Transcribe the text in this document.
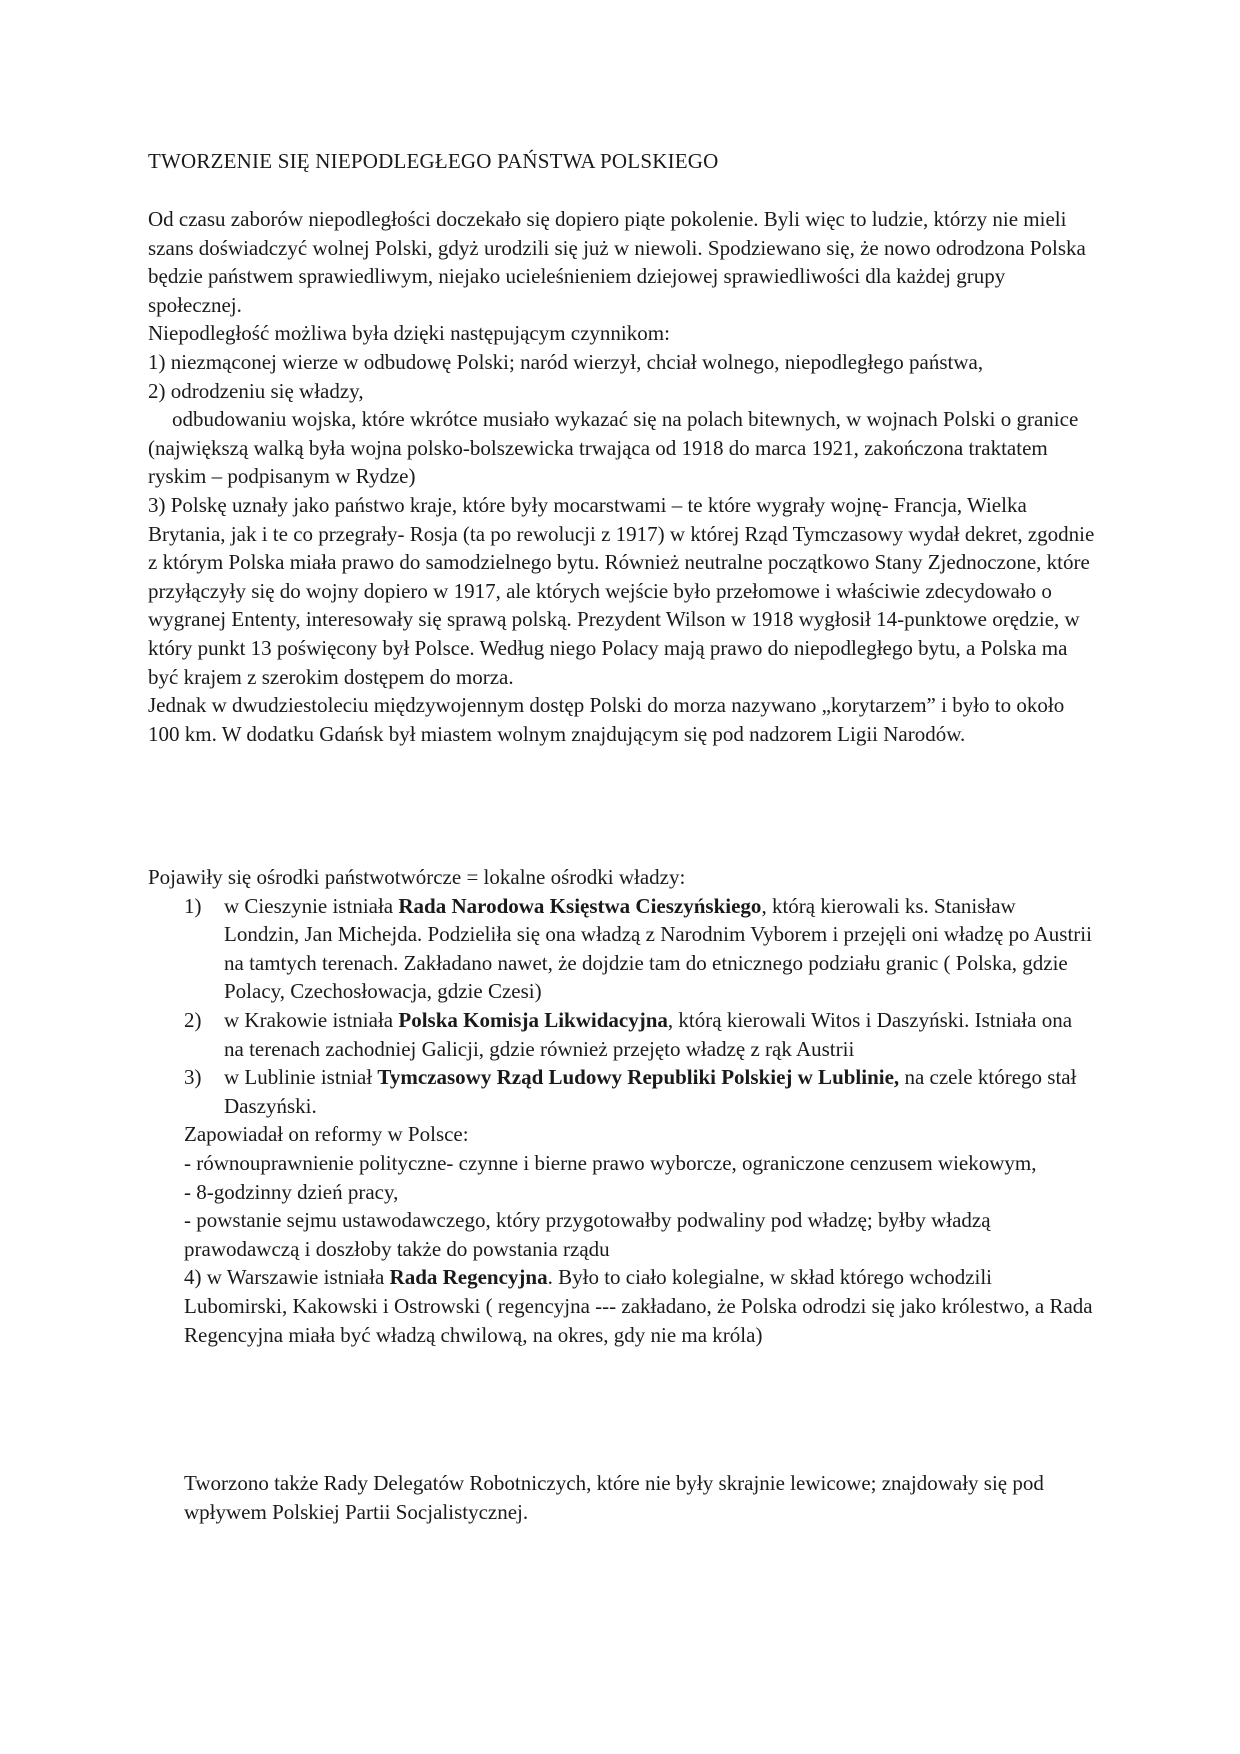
TWORZENIE SIĘ NIEPODLEGŁEGO PAŃSTWA POLSKIEGO

Od czasu zaborów niepodległości doczekało się dopiero piąte pokolenie. Byli więc to ludzie, którzy nie mieli szans doświadczyć wolnej Polski, gdyż urodzili się już w niewoli. Spodziewano się, że nowo odrodzona Polska będzie państwem sprawiedliwym, niejako ucieleśnieniem dziejowej sprawiedliwości dla każdej grupy społecznej.

Niepodległość możliwa była dzięki następującym czynnikom:

1) niezmąconej wierze w odbudowę Polski; naród wierzył, chciał wolnego, niepodległego państwa,

2) odrodzeniu się władzy,

odbudowaniu wojska, które wkrótce musiało wykazać się na polach bitewnych, w wojnach Polski o granice (największą walką była wojna polsko-bolszewicka trwająca od 1918 do marca 1921, zakończona traktatem ryskim – podpisanym w Rydze)

3) Polskę uznały jako państwo kraje, które były mocarstwami – te które wygrały wojnę- Francja, Wielka Brytania, jak i te co przegrały- Rosja (ta po rewolucji z 1917) w której Rząd Tymczasowy wydał dekret, zgodnie z którym Polska miała prawo do samodzielnego bytu. Również neutralne początkowo Stany Zjednoczone, które przyłączyły się do wojny dopiero w 1917, ale których wejście było przełomowe i właściwie zdecydowało o wygranej Ententy, interesowały się sprawą polską. Prezydent Wilson w 1918 wygłosił 14-punktowe orędzie, w który punkt 13 poświęcony był Polsce. Według niego Polacy mają prawo do niepodległego bytu, a Polska ma być krajem z szerokim dostępem do morza.

Jednak w dwudziestoleciu międzywojennym dostęp Polski do morza nazywano „korytarzem” i było to około 100 km. W dodatku Gdańsk był miastem wolnym znajdującym się pod nadzorem Ligii Narodów.

Pojawiły się ośrodki państwotwórcze = lokalne ośrodki władzy:

1) w Cieszynie istniała Rada Narodowa Księstwa Cieszyńskiego, którą kierowali ks. Stanisław Londzin, Jan Michejda. Podzieliła się ona władzą z Narodnim Vyborem i przejęli oni władzę po Austrii na tamtych terenach. Zakładano nawet, że dojdzie tam do etnicznego podziału granic ( Polska, gdzie Polacy, Czechosłowacja, gdzie Czesi)
2) w Krakowie istniała Polska Komisja Likwidacyjna, którą kierowali Witos i Daszyński. Istniała ona na terenach zachodniej Galicji, gdzie również przejęto władzę z rąk Austrii
3) w Lublinie istniał Tymczasowy Rząd Ludowy Republiki Polskiej w Lublinie, na czele którego stał Daszyński.

Zapowiadał on reformy w Polsce:

- równouprawnienie polityczne- czynne i bierne prawo wyborcze, ograniczone cenzusem wiekowym,

- 8-godzinny dzień pracy,

- powstanie sejmu ustawodawczego, który przygotowałby podwaliny pod władzę; byłby władzą prawodawczą i doszłoby także do powstania rządu

4) w Warszawie istniała Rada Regencyjna. Było to ciało kolegialne, w skład którego wchodzili Lubomirski, Kakowski i Ostrowski ( regencyjna --- zakładano, że Polska odrodzi się jako królestwo, a Rada Regencyjna miała być władzą chwilową, na okres, gdy nie ma króla)

Tworzono także Rady Delegatów Robotniczych, które nie były skrajnie lewicowe; znajdowały się pod wpływem Polskiej Partii Socjalistycznej.
